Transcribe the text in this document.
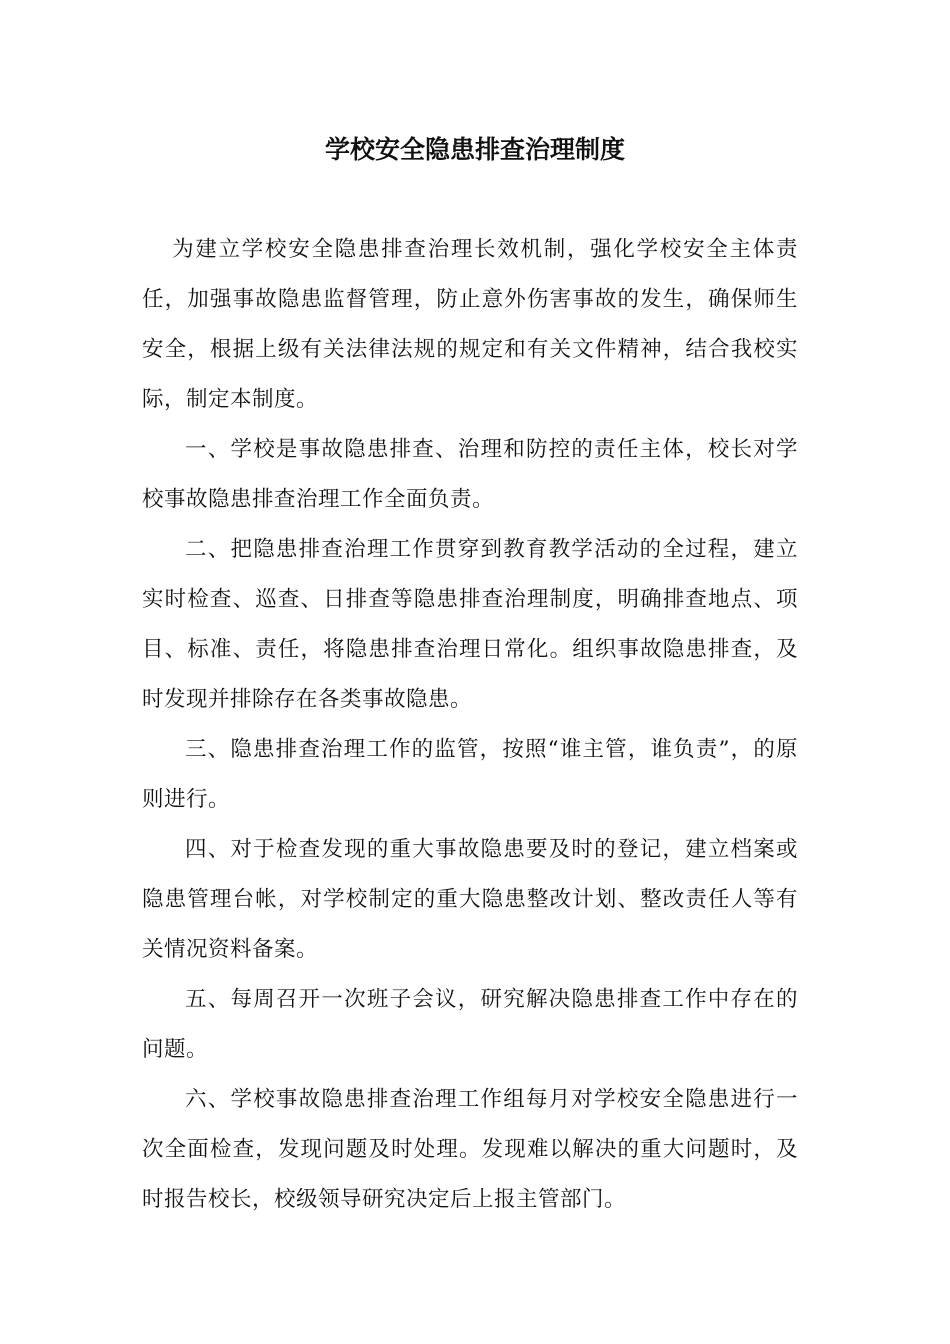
学校安全隐患排查治理制度

为建立学校安全隐患排查治理长效机制，强化学校安全主体责任，加强事故隐患监督管理，防止意外伤害事故的发生，确保师生安全，根据上级有关法律法规的规定和有关文件精神，结合我校实际，制定本制度。

一、学校是事故隐患排查、治理和防控的责任主体，校长对学校事故隐患排查治理工作全面负责。

二、把隐患排查治理工作贯穿到教育教学活动的全过程，建立实时检查、巡查、日排查等隐患排查治理制度，明确排查地点、项目、标准、责任，将隐患排查治理日常化。组织事故隐患排查，及时发现并排除存在各类事故隐患。

三、隐患排查治理工作的监管，按照“谁主管，谁负责”，的原则进行。

四、对于检查发现的重大事故隐患要及时的登记，建立档案或隐患管理台帐，对学校制定的重大隐患整改计划、整改责任人等有关情况资料备案。

五、每周召开一次班子会议，研究解决隐患排查工作中存在的问题。

六、学校事故隐患排查治理工作组每月对学校安全隐患进行一次全面检查，发现问题及时处理。发现难以解决的重大问题时，及时报告校长，校级领导研究决定后上报主管部门。
